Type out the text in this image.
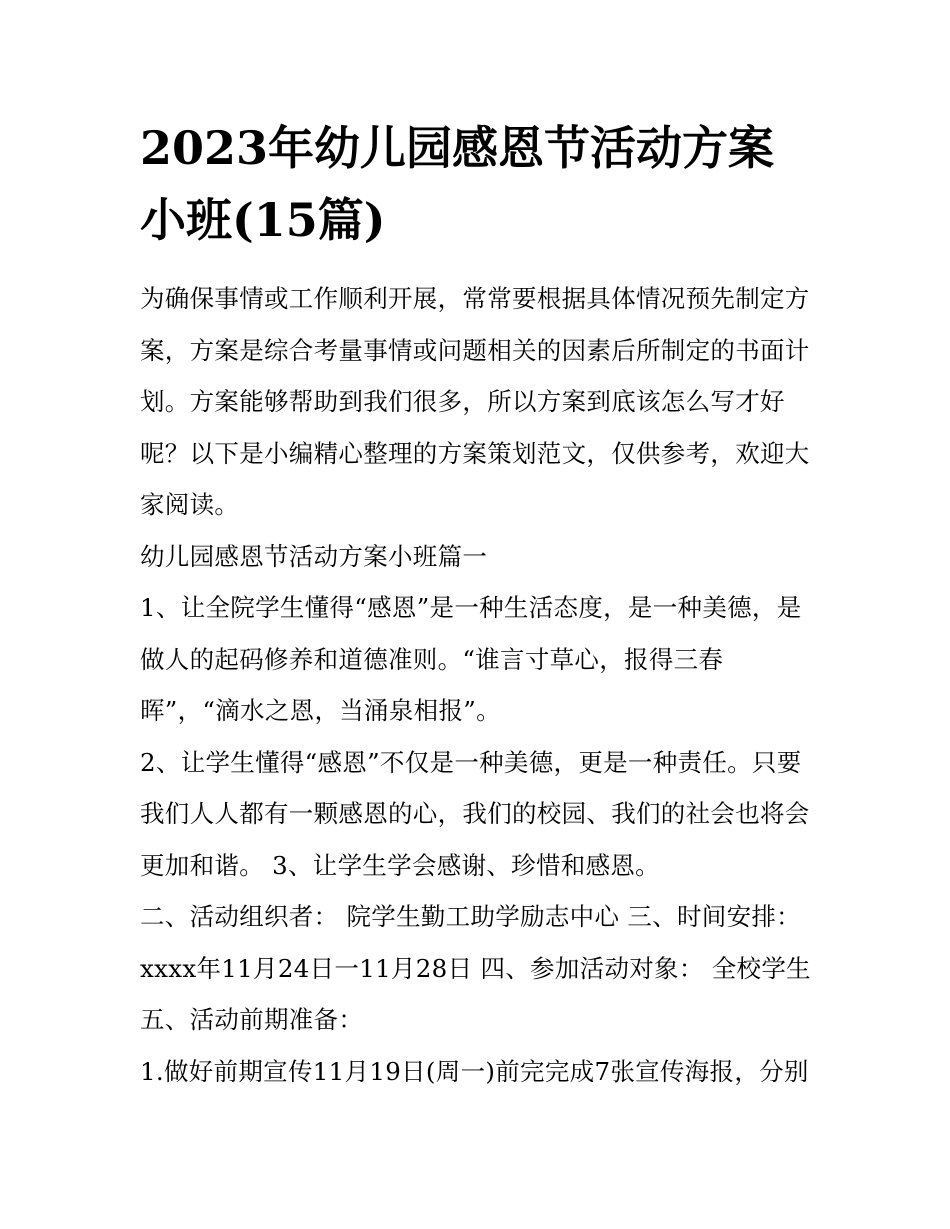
2023年幼儿园感恩节活动方案小班(15篇)

为确保事情或工作顺利开展，常常要根据具体情况预先制定方案，方案是综合考量事情或问题相关的因素后所制定的书面计划。方案能够帮助到我们很多，所以方案到底该怎么写才好呢？以下是小编精心整理的方案策划范文，仅供参考，欢迎大家阅读。

幼儿园感恩节活动方案小班篇一

1、让全院学生懂得“感恩”是一种生活态度，是一种美德，是做人的起码修养和道德准则。“谁言寸草心，报得三春晖”，“滴水之恩，当涌泉相报”。

2、让学生懂得“感恩”不仅是一种美德，更是一种责任。只要我们人人都有一颗感恩的心，我们的校园、我们的社会也将会更加和谐。 3、让学生学会感谢、珍惜和感恩。

二、活动组织者： 院学生勤工助学励志中心 三、时间安排： xxxx年11月24日一11月28日 四、参加活动对象： 全校学生 五、活动前期准备：

1.做好前期宣传11月19日(周一)前完完成7张宣传海报，分别
